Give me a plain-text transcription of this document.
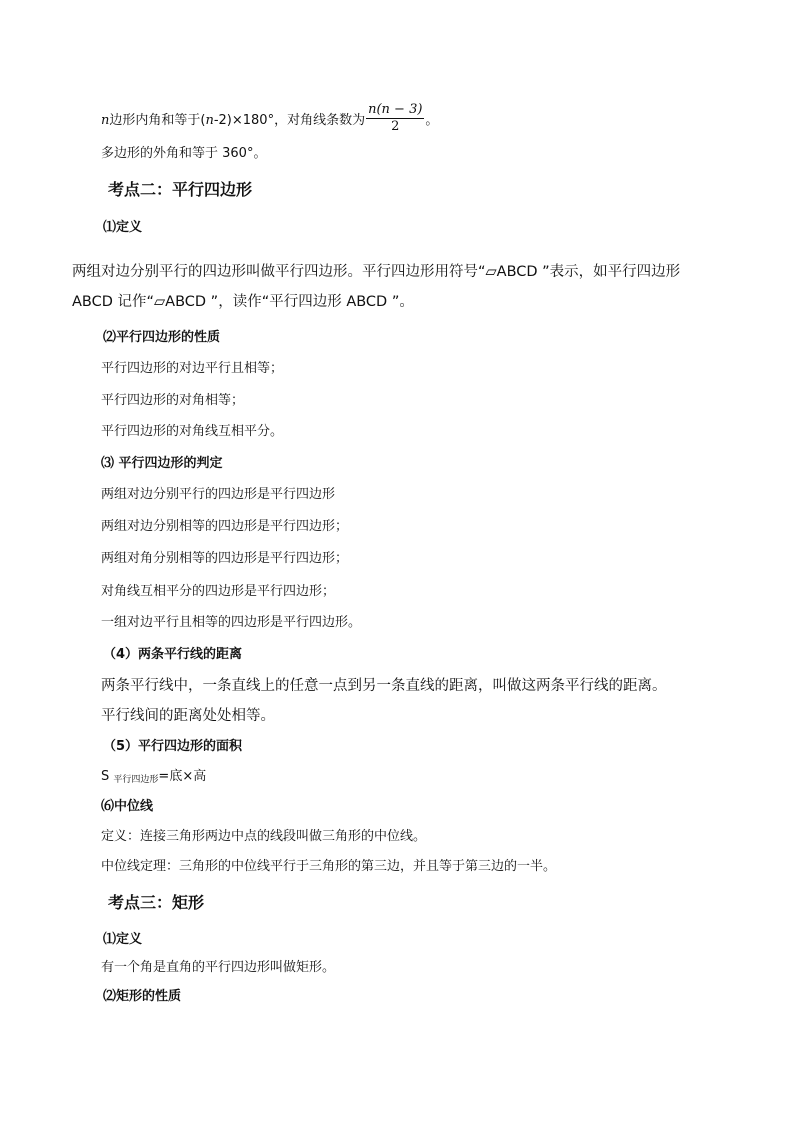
n边形内角和等于(n-2)×180°，对角线条数为 $\frac{n(n - 3)}{2}$ 。
多边形的外角和等于 360°。
考点二：平行四边形
⑴定义
两组对边分别平行的四边形叫做平行四边形。平行四边形用符号“▱ABCD ”表示，如平行四边形
ABCD 记作“▱ABCD ”，读作“平行四边形 ABCD ”。
⑵平行四边形的性质
平行四边形的对边平行且相等；
平行四边形的对角相等；
平行四边形的对角线互相平分。
⑶ 平行四边形的判定
两组对边分别平行的四边形是平行四边形
两组对边分别相等的四边形是平行四边形；
两组对角分别相等的四边形是平行四边形；
对角线互相平分的四边形是平行四边形；
一组对边平行且相等的四边形是平行四边形。
（4）两条平行线的距离
两条平行线中，一条直线上的任意一点到另一条直线的距离，叫做这两条平行线的距离。
平行线间的距离处处相等。
（5）平行四边形的面积
S 平行四边形=底×高
⑹中位线
定义：连接三角形两边中点的线段叫做三角形的中位线。
中位线定理：三角形的中位线平行于三角形的第三边，并且等于第三边的一半。
考点三：矩形
⑴定义
有一个角是直角的平行四边形叫做矩形。
⑵矩形的性质
